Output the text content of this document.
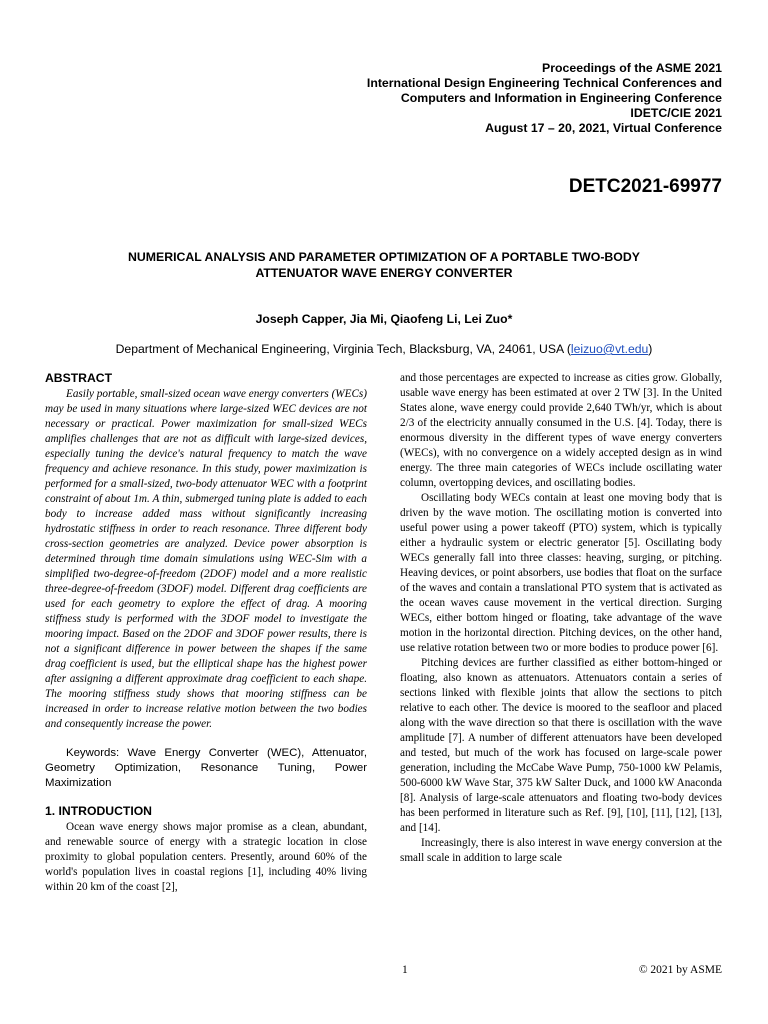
Proceedings of the ASME 2021
International Design Engineering Technical Conferences and
Computers and Information in Engineering Conference
IDETC/CIE 2021
August 17 – 20, 2021, Virtual Conference
DETC2021-69977
NUMERICAL ANALYSIS AND PARAMETER OPTIMIZATION OF A PORTABLE TWO-BODY
ATTENUATOR WAVE ENERGY CONVERTER
Joseph Capper, Jia Mi, Qiaofeng Li, Lei Zuo*
Department of Mechanical Engineering, Virginia Tech, Blacksburg, VA, 24061, USA (leizuo@vt.edu)
ABSTRACT

Easily portable, small-sized ocean wave energy converters (WECs) may be used in many situations where large-sized WEC devices are not necessary or practical. Power maximization for small-sized WECs amplifies challenges that are not as difficult with large-sized devices, especially tuning the device's natural frequency to match the wave frequency and achieve resonance. In this study, power maximization is performed for a small-sized, two-body attenuator WEC with a footprint constraint of about 1m. A thin, submerged tuning plate is added to each body to increase added mass without significantly increasing hydrostatic stiffness in order to reach resonance. Three different body cross-section geometries are analyzed. Device power absorption is determined through time domain simulations using WEC-Sim with a simplified two-degree-of-freedom (2DOF) model and a more realistic three-degree-of-freedom (3DOF) model. Different drag coefficients are used for each geometry to explore the effect of drag. A mooring stiffness study is performed with the 3DOF model to investigate the mooring impact. Based on the 2DOF and 3DOF power results, there is not a significant difference in power between the shapes if the same drag coefficient is used, but the elliptical shape has the highest power after assigning a different approximate drag coefficient to each shape. The mooring stiffness study shows that mooring stiffness can be increased in order to increase relative motion between the two bodies and consequently increase the power.

Keywords: Wave Energy Converter (WEC), Attenuator, Geometry Optimization, Resonance Tuning, Power Maximization

1. INTRODUCTION

Ocean wave energy shows major promise as a clean, abundant, and renewable source of energy with a strategic location in close proximity to global population centers. Presently, around 60% of the world's population lives in coastal regions [1], including 40% living within 20 km of the coast [2],

and those percentages are expected to increase as cities grow. Globally, usable wave energy has been estimated at over 2 TW [3]. In the United States alone, wave energy could provide 2,640 TWh/yr, which is about 2/3 of the electricity annually consumed in the U.S. [4]. Today, there is enormous diversity in the different types of wave energy converters (WECs), with no convergence on a widely accepted design as in wind energy. The three main categories of WECs include oscillating water column, overtopping devices, and oscillating bodies.

Oscillating body WECs contain at least one moving body that is driven by the wave motion. The oscillating motion is converted into useful power using a power takeoff (PTO) system, which is typically either a hydraulic system or electric generator [5]. Oscillating body WECs generally fall into three classes: heaving, surging, or pitching. Heaving devices, or point absorbers, use bodies that float on the surface of the waves and contain a translational PTO system that is activated as the ocean waves cause movement in the vertical direction. Surging WECs, either bottom hinged or floating, take advantage of the wave motion in the horizontal direction. Pitching devices, on the other hand, use relative rotation between two or more bodies to produce power [6].

Pitching devices are further classified as either bottom-hinged or floating, also known as attenuators. Attenuators contain a series of sections linked with flexible joints that allow the sections to pitch relative to each other. The device is moored to the seafloor and placed along with the wave direction so that there is oscillation with the wave amplitude [7]. A number of different attenuators have been developed and tested, but much of the work has focused on large-scale power generation, including the McCabe Wave Pump, 750-1000 kW Pelamis, 500-6000 kW Wave Star, 375 kW Salter Duck, and 1000 kW Anaconda [8]. Analysis of large-scale attenuators and floating two-body devices has been performed in literature such as Ref. [9], [10], [11], [12], [13], and [14].

Increasingly, there is also interest in wave energy conversion at the small scale in addition to large scale

1	© 2021 by ASME
